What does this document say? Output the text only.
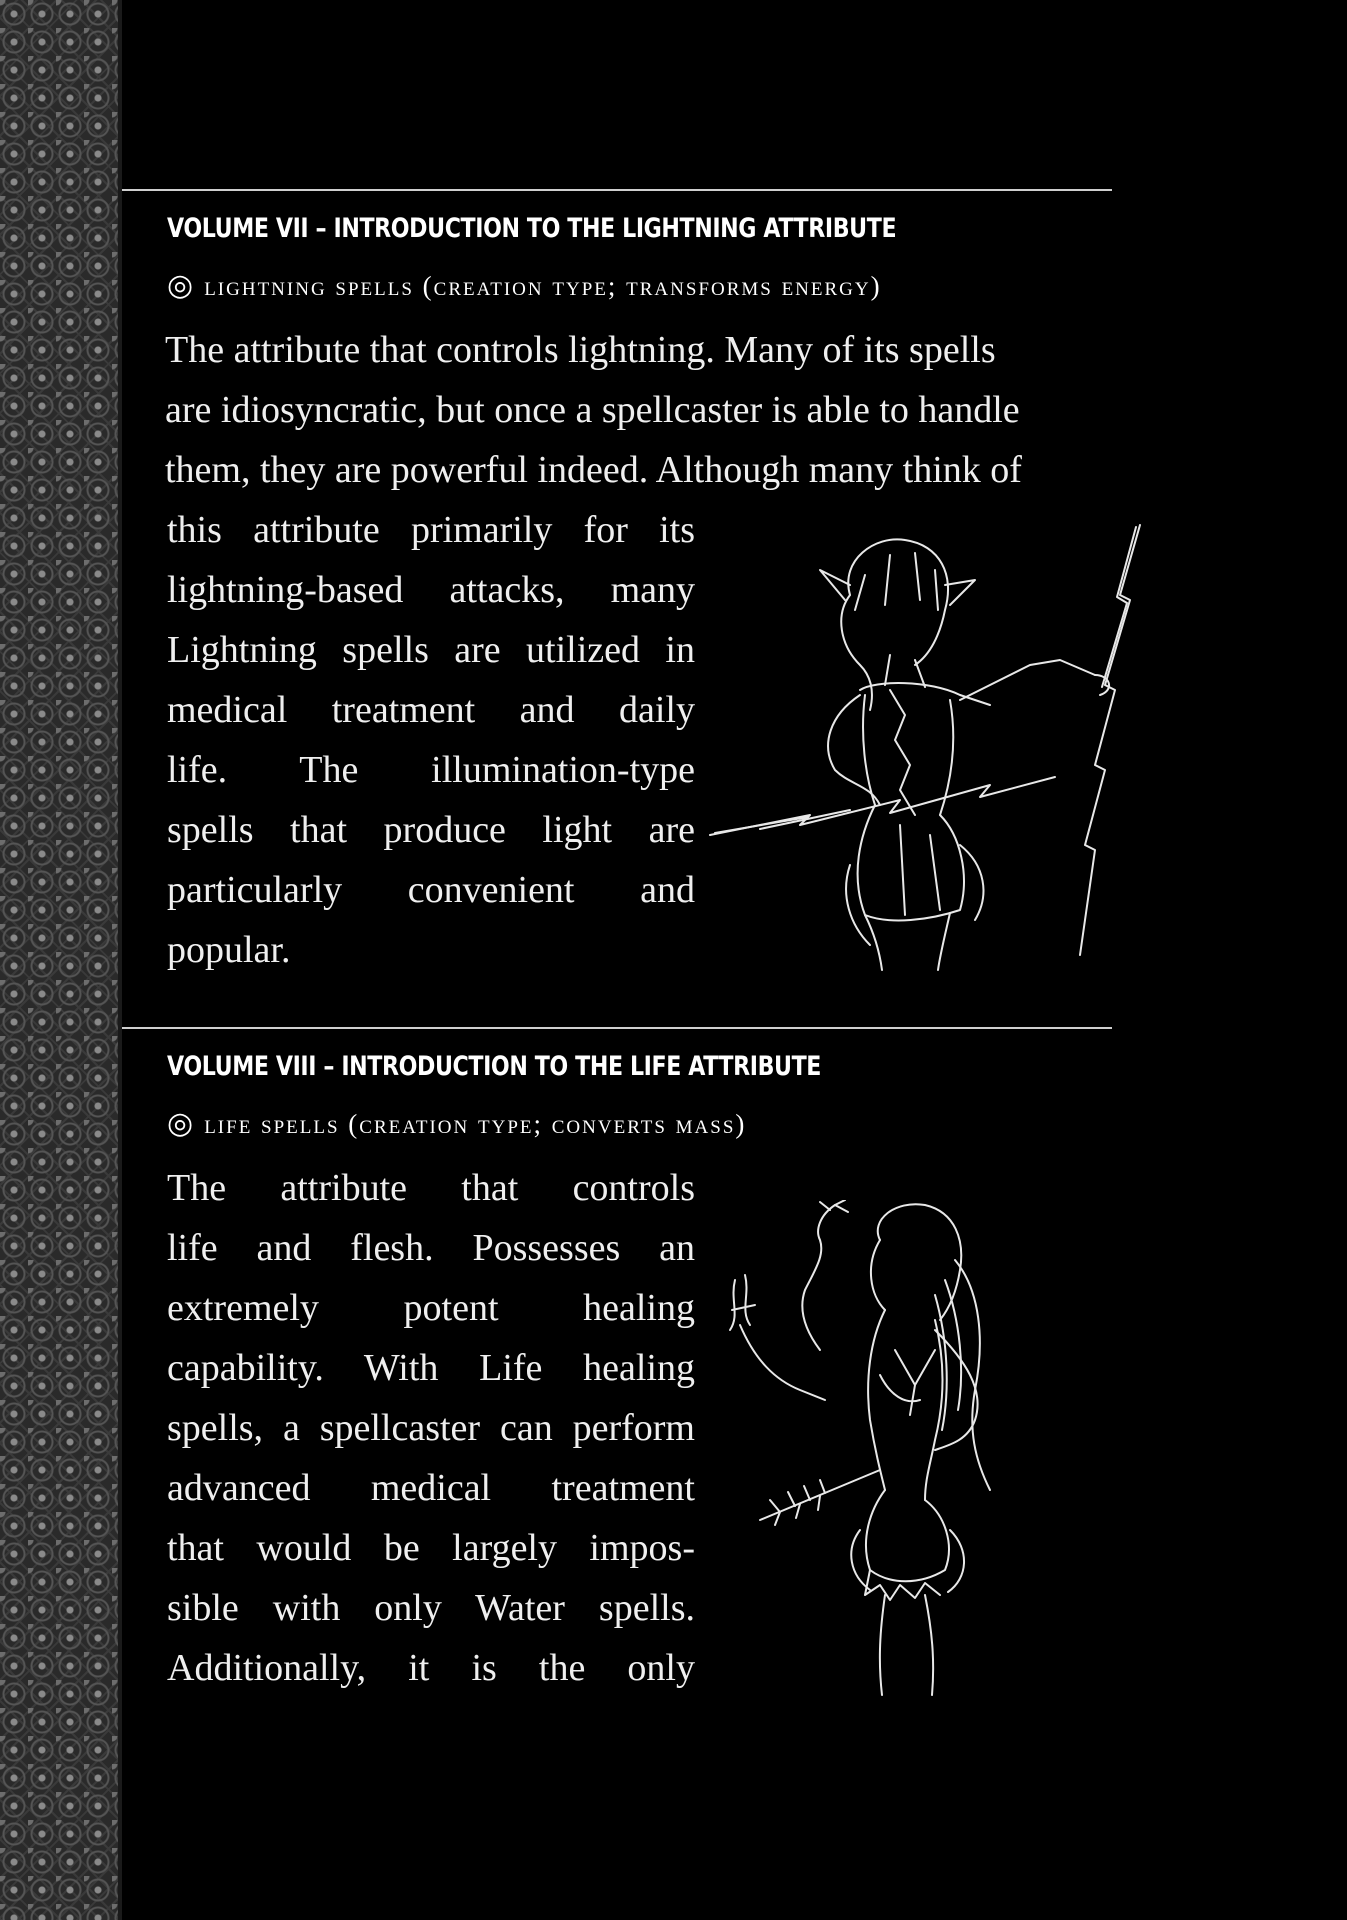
VOLUME VII – INTRODUCTION TO THE LIGHTNING ATTRIBUTE
◎ lightning spells (creation type; transforms energy)
The attribute that controls lightning. Many of its spells
are idiosyncratic, but once a spellcaster is able to handle
them, they are powerful indeed. Although many think of
this attribute primarily for its
lightning-based attacks, many
Lightning spells are utilized in
medical treatment and daily
life. The illumination-type
spells that produce light are
particularly convenient and
popular.
VOLUME VIII – INTRODUCTION TO THE LIFE ATTRIBUTE
◎ life spells (creation type; converts mass)
The attribute that controls
life and flesh. Possesses an
extremely potent healing
capability. With Life healing
spells, a spellcaster can perform
advanced medical treatment
that would be largely impos-
sible with only Water spells.
Additionally, it is the only
